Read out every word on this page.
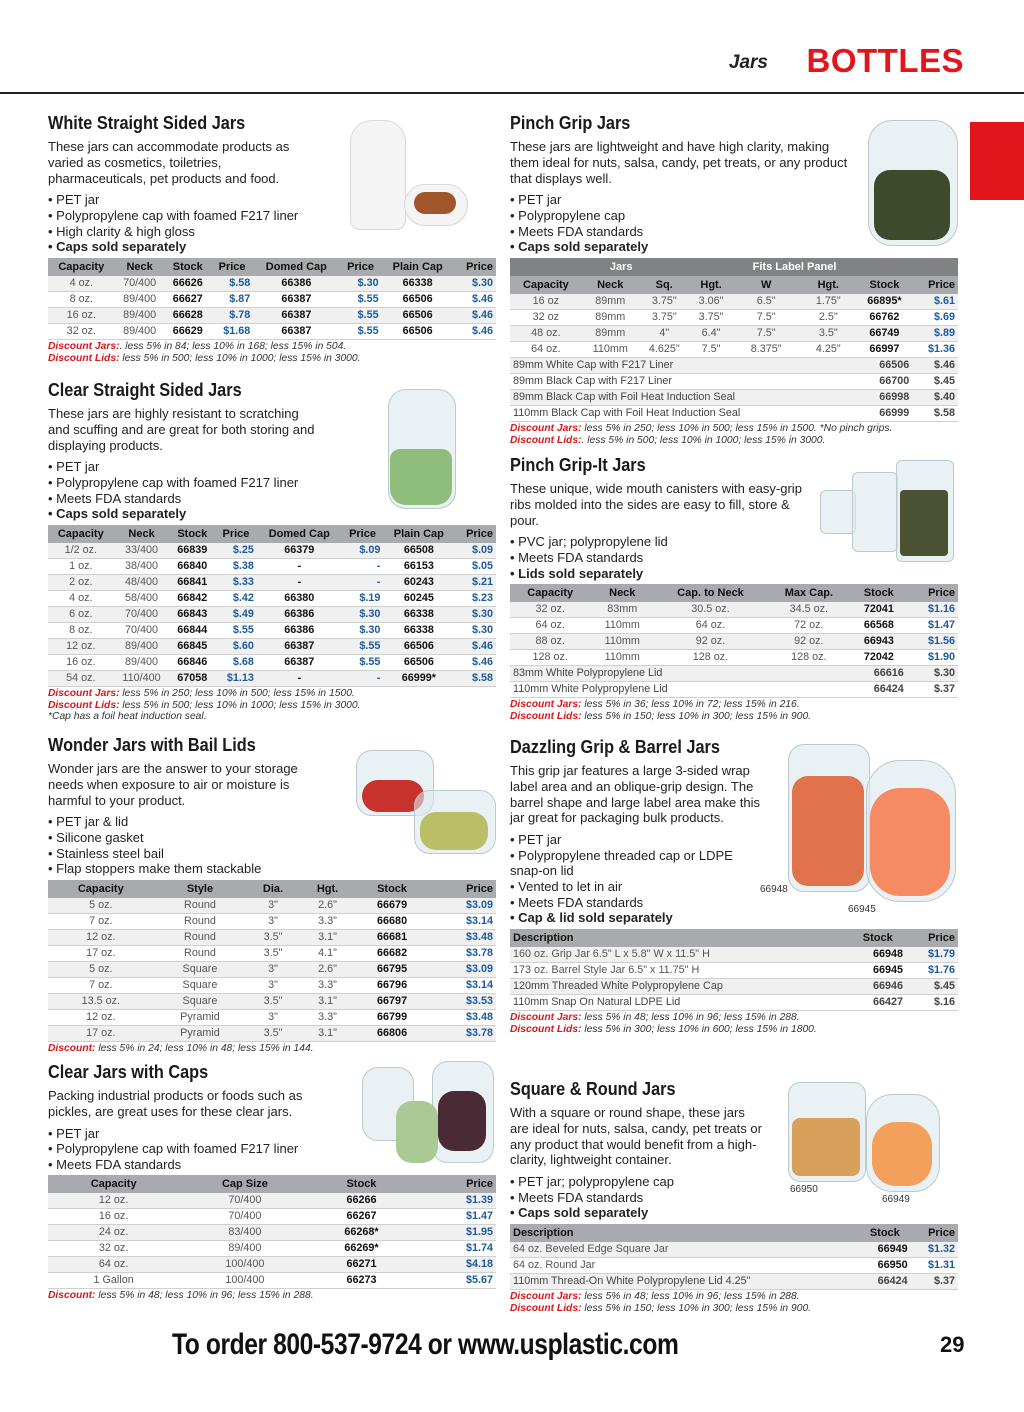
Jars BOTTLES
White Straight Sided Jars

These jars can accommodate products as varied as cosmetics, toiletries, pharmaceuticals, pet products and food.

• PET jar
• Polypropylene cap with foamed F217 liner
• High clarity & high gloss
• Caps sold separately
Capacity	Neck	Stock	Price	Domed Cap	Price	Plain Cap	Price
4 oz.	70/400	66626	$.58	66386	$.30	66338	$.30
8 oz.	89/400	66627	$.87	66387	$.55	66506	$.46
16 oz.	89/400	66628	$.78	66387	$.55	66506	$.46
32 oz.	89/400	66629	$1.68	66387	$.55	66506	$.46
Discount Jars:. less 5% in 84; less 10% in 168; less 15% in 504.
Discount Lids: less 5% in 500; less 10% in 1000; less 15% in 3000.
Clear Straight Sided Jars

These jars are highly resistant to scratching and scuffing and are great for both storing and displaying products.

• PET jar
• Polypropylene cap with foamed F217 liner
• Meets FDA standards
• Caps sold separately
Capacity	Neck	Stock	Price	Domed Cap	Price	Plain Cap	Price
1/2 oz.	33/400	66839	$.25	66379	$.09	66508	$.09
1 oz.	38/400	66840	$.38	-	-	66153	$.05
2 oz.	48/400	66841	$.33	-	-	60243	$.21
4 oz.	58/400	66842	$.42	66380	$.19	60245	$.23
6 oz.	70/400	66843	$.49	66386	$.30	66338	$.30
8 oz.	70/400	66844	$.55	66386	$.30	66338	$.30
12 oz.	89/400	66845	$.60	66387	$.55	66506	$.46
16 oz.	89/400	66846	$.68	66387	$.55	66506	$.46
54 oz.	110/400	67058	$1.13	-	-	66999*	$.58
Discount Jars: less 5% in 250; less 10% in 500; less 15% in 1500.
Discount Lids: less 5% in 500; less 10% in 1000; less 15% in 3000.
*Cap has a foil heat induction seal.
Wonder Jars with Bail Lids

Wonder jars are the answer to your storage needs when exposure to air or moisture is harmful to your product.

• PET jar & lid
• Silicone gasket
• Stainless steel bail
• Flap stoppers make them stackable
Capacity	Style	Dia.	Hgt.	Stock	Price
5 oz.	Round	3"	2.6"	66679	$3.09
7 oz.	Round	3"	3.3"	66680	$3.14
12 oz.	Round	3.5"	3.1"	66681	$3.48
17 oz.	Round	3.5"	4.1"	66682	$3.78
5 oz.	Square	3"	2.6"	66795	$3.09
7 oz.	Square	3"	3.3"	66796	$3.14
13.5 oz.	Square	3.5"	3.1"	66797	$3.53
12 oz.	Pyramid	3"	3.3"	66799	$3.48
17 oz.	Pyramid	3.5"	3.1"	66806	$3.78
Discount: less 5% in 24; less 10% in 48; less 15% in 144.
Clear Jars with Caps

Packing industrial products or foods such as pickles, are great uses for these clear jars.

• PET jar
• Polypropylene cap with foamed F217 liner
• Meets FDA standards
Capacity	Cap Size	Stock	Price
12 oz.	70/400	66266	$1.39
16 oz.	70/400	66267	$1.47
24 oz.	83/400	66268*	$1.95
32 oz.	89/400	66269*	$1.74
64 oz.	100/400	66271	$4.18
1 Gallon	100/400	66273	$5.67
Discount: less 5% in 48; less 10% in 96; less 15% in 288.
Pinch Grip Jars

These jars are lightweight and have high clarity, making them ideal for nuts, salsa, candy, pet treats, or any product that displays well.

• PET jar
• Polypropylene cap
• Meets FDA standards
• Caps sold separately
Jars				Fits Label Panel			
Capacity	Neck	Sq.	Hgt.	W	Hgt.	Stock	Price
16 oz	89mm	3.75"	3.06"	6.5"	1.75"	66895*	$.61
32 oz	89mm	3.75"	3.75"	7.5"	2.5"	66762	$.69
48 oz.	89mm	4"	6.4"	7.5"	3.5"	66749	$.89
64 oz.	110mm	4.625"	7.5"	8.375"	4.25"	66997	$1.36
89mm White Cap with F217 Liner						66506	$.46
89mm Black Cap with F217 Liner						66700	$.45
89mm Black Cap with Foil Heat Induction Seal						66998	$.40
110mm Black Cap with Foil Heat Induction Seal						66999	$.58
Discount Jars: less 5% in 250; less 10% in 500; less 15% in 1500. *No pinch grips.
Discount Lids:. less 5% in 500; less 10% in 1000; less 15% in 3000.
Pinch Grip-It Jars

These unique, wide mouth canisters with easy-grip ribs molded into the sides are easy to fill, store & pour.

• PVC jar; polypropylene lid
• Meets FDA standards
• Lids sold separately
Capacity	Neck	Cap. to Neck	Max Cap.	Stock	Price
32 oz.	83mm	30.5 oz.	34.5 oz.	72041	$1.16
64 oz.	110mm	64 oz.	72 oz.	66568	$1.47
88 oz.	110mm	92 oz.	92 oz.	66943	$1.56
128 oz.	110mm	128 oz.	128 oz.	72042	$1.90
83mm White Polypropylene Lid				66616	$.30
110mm White Polypropylene Lid				66424	$.37
Discount Jars: less 5% in 36; less 10% in 72; less 15% in 216.
Discount Lids: less 5% in 150; less 10% in 300; less 15% in 900.
Dazzling Grip & Barrel Jars

This grip jar features a large 3-sided wrap label area and an oblique-grip design. The barrel shape and large label area make this jar great for packaging bulk products.

• PET jar
• Polypropylene threaded cap or LDPE snap-on lid
• Vented to let in air
• Meets FDA standards
• Cap & lid sold separately
66948
66945
Description	Stock	Price
160 oz. Grip Jar 6.5" L x 5.8" W x 11.5" H	66948	$1.79
173 oz. Barrel Style Jar 6.5" x 11.75" H	66945	$1.76
120mm Threaded White Polypropylene Cap	66946	$.45
110mm Snap On Natural LDPE Lid	66427	$.16
Discount Jars: less 5% in 48; less 10% in 96; less 15% in 288.
Discount Lids: less 5% in 300; less 10% in 600; less 15% in 1800.
Square & Round Jars

With a square or round shape, these jars are ideal for nuts, salsa, candy, pet treats or any product that would benefit from a high-clarity, lightweight container.

• PET jar; polypropylene cap
• Meets FDA standards
• Caps sold separately
66950
66949
Description	Stock	Price
64 oz. Beveled Edge Square Jar	66949	$1.32
64 oz. Round Jar	66950	$1.31
110mm Thread-On White Polypropylene Lid 4.25"	66424	$.37
Discount Jars: less 5% in 48; less 10% in 96; less 15% in 288.
Discount Lids: less 5% in 150; less 10% in 300; less 15% in 900.
To order 800-537-9724 or www.usplastic.com	29
